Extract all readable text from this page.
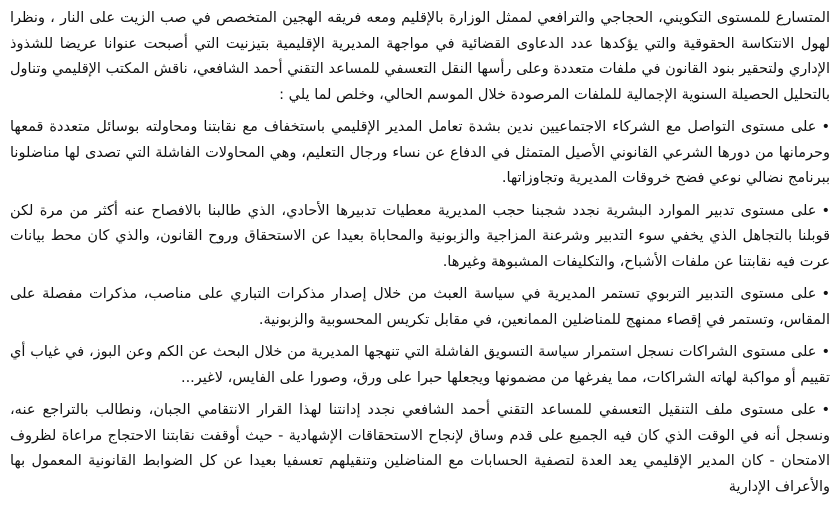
المتسارع للمستوى التكويني، الحجاجي والترافعي لممثل الوزارة بالإقليم ومعه فريقه الهجين المتخصص في صب الزيت على النار ، ونظرا لهول الانتكاسة الحقوقية والتي يؤكدها عدد الدعاوى القضائية في مواجهة المديرية الإقليمية بتيزنيت التي أصبحت عنوانا عريضا للشذوذ الإداري ولتحقير بنود القانون في ملفات متعددة وعلى رأسها النقل التعسفي للمساعد التقني أحمد الشافعي، ناقش المكتب الإقليمي وتناول بالتحليل الحصيلة السنوية الإجمالية للملفات المرصودة خلال الموسم الحالي، وخلص لما يلي :

•على مستوى التواصل مع الشركاء الاجتماعيين ندين بشدة تعامل المدير الإقليمي باستخفاف مع نقابتنا ومحاولته بوسائل متعددة قمعها وحرمانها من دورها الشرعي القانوني الأصيل المتمثل في الدفاع عن نساء ورجال التعليم، وهي المحاولات الفاشلة التي تصدى لها مناضلونا ببرنامج نضالي نوعي فضح خروقات المديرية وتجاوزاتها.

•على مستوى تدبير الموارد البشرية نجدد شجبنا حجب المديرية معطيات تدبيرها الأحادي، الذي طالبنا بالافصاح عنه أكثر من مرة لكن قوبلنا بالتجاهل الذي يخفي سوء التدبير وشرعنة المزاجية والزبونية والمحاباة بعيدا عن الاستحقاق وروح القانون، والذي كان محط بيانات عرت فيه نقابتنا عن ملفات الأشباح، والتكليفات المشبوهة وغيرها.

•على مستوى التدبير التربوي تستمر المديرية في سياسة العبث من خلال إصدار مذكرات التباري على مناصب، مذكرات مفصلة على المقاس، وتستمر في إقصاء ممنهج للمناضلين الممانعين، في مقابل تكريس المحسوبية والزبونية.

•على مستوى الشراكات نسجل استمرار سياسة التسويق الفاشلة التي تنهجها المديرية من خلال البحث عن الكم وعن البوز، في غياب أي تقييم أو مواكبة لهاته الشراكات، مما يفرغها من مضمونها ويجعلها حبرا على ورق، وصورا على الفايس، لاغير...

•على مستوى ملف التنقيل التعسفي للمساعد التقني أحمد الشافعي نجدد إدانتنا لهذا القرار الانتقامي الجبان، ونطالب بالتراجع عنه، ونسجل أنه في الوقت الذي كان فيه الجميع على قدم وساق لإنجاح الاستحقاقات الإشهادية - حيث أوقفت نقابتنا الاحتجاج مراعاة لظروف الامتحان - كان المدير الإقليمي يعد العدة لتصفية الحسابات مع المناضلين وتنقيلهم تعسفيا بعيدا عن كل الضوابط القانونية المعمول بها والأعراف الإدارية
